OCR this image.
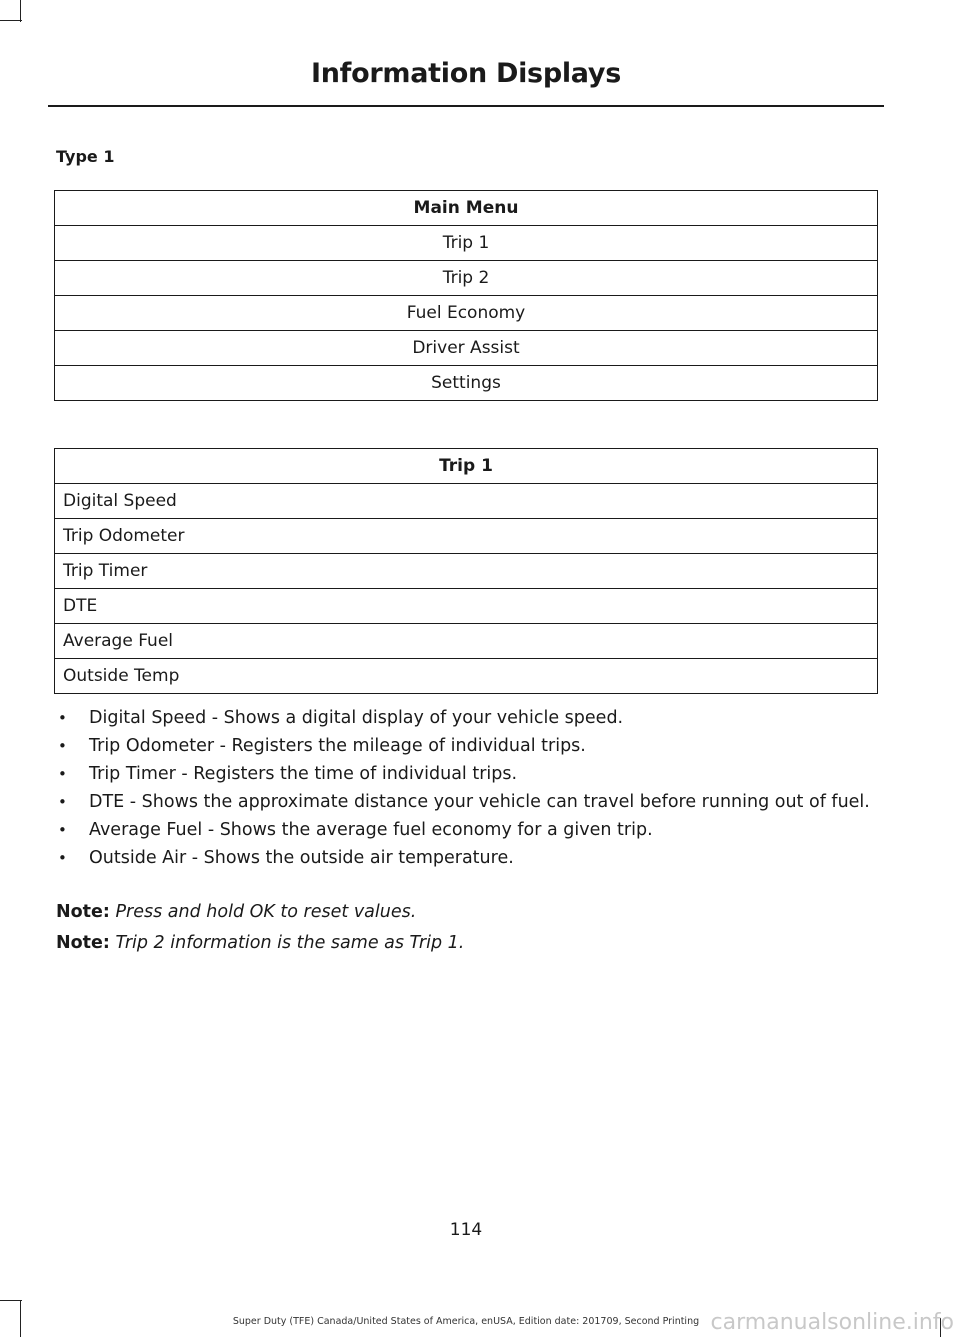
Information Displays
Type 1
Main Menu
Trip 1
Trip 2
Fuel Economy
Driver Assist
Settings
Trip 1
Digital Speed
Trip Odometer
Trip Timer
DTE
Average Fuel
Outside Temp
• Digital Speed - Shows a digital display of your vehicle speed.
• Trip Odometer - Registers the mileage of individual trips.
• Trip Timer - Registers the time of individual trips.
• DTE - Shows the approximate distance your vehicle can travel before running out of fuel.
• Average Fuel - Shows the average fuel economy for a given trip.
• Outside Air - Shows the outside air temperature.
Note: Press and hold OK to reset values.
Note: Trip 2 information is the same as Trip 1.
114
Super Duty (TFE) Canada/United States of America, enUSA, Edition date: 201709, Second Printing carmanualsonline.info
